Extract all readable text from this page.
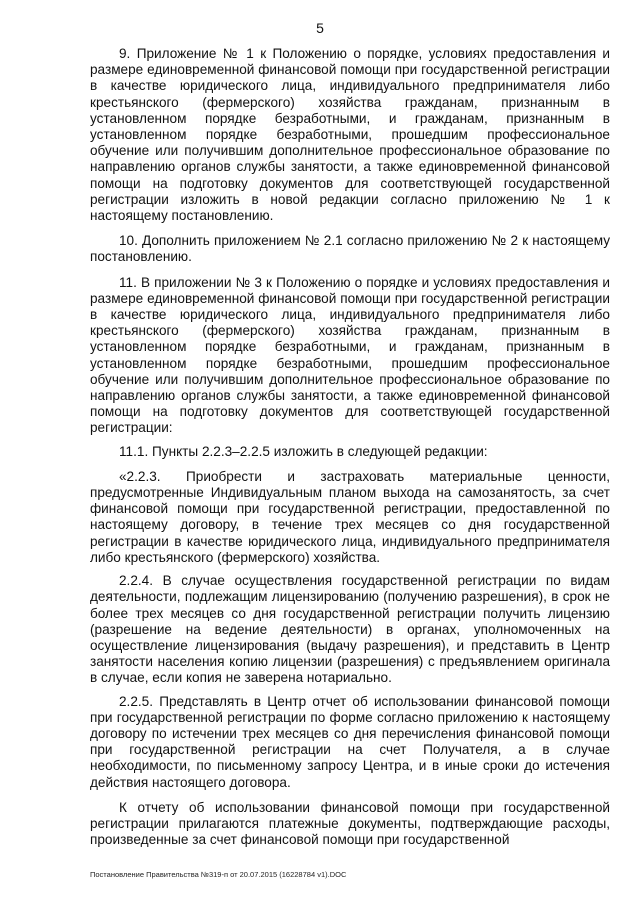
5

9. Приложение № 1 к Положению о порядке, условиях предоставления и размере единовременной финансовой помощи при государственной регистрации в качестве юридического лица, индивидуального предпринимателя либо крестьянского (фермерского) хозяйства гражданам, признанным в установленном порядке безработными, и гражданам, признанным в установленном порядке безработными, прошедшим профессиональное обучение или получившим дополнительное профессиональное образование по направлению органов службы занятости, а также единовременной финансовой помощи на подготовку документов для соответствующей государственной регистрации изложить в новой редакции согласно приложению № 1 к настоящему постановлению.

10. Дополнить приложением № 2.1 согласно приложению № 2 к настоящему постановлению.

11. В приложении № 3 к Положению о порядке и условиях предоставления и размере единовременной финансовой помощи при государственной регистрации в качестве юридического лица, индивидуального предпринимателя либо крестьянского (фермерского) хозяйства гражданам, признанным в установленном порядке безработными, и гражданам, признанным в установленном порядке безработными, прошедшим профессиональное обучение или получившим дополнительное профессиональное образование по направлению органов службы занятости, а также единовременной финансовой помощи на подготовку документов для соответствующей государственной регистрации:

11.1. Пункты 2.2.3–2.2.5 изложить в следующей редакции:

«2.2.3. Приобрести и застраховать материальные ценности, предусмотренные Индивидуальным планом выхода на самозанятость, за счет финансовой помощи при государственной регистрации, предоставленной по настоящему договору, в течение трех месяцев со дня государственной регистрации в качестве юридического лица, индивидуального предпринимателя либо крестьянского (фермерского) хозяйства.

2.2.4. В случае осуществления государственной регистрации по видам деятельности, подлежащим лицензированию (получению разрешения), в срок не более трех месяцев со дня государственной регистрации получить лицензию (разрешение на ведение деятельности) в органах, уполномоченных на осуществление лицензирования (выдачу разрешения), и представить в Центр занятости населения копию лицензии (разрешения) с предъявлением оригинала в случае, если копия не заверена нотариально.

2.2.5. Представлять в Центр отчет об использовании финансовой помощи при государственной регистрации по форме согласно приложению к настоящему договору по истечении трех месяцев со дня перечисления финансовой помощи при государственной регистрации на счет Получателя, а в случае необходимости, по письменному запросу Центра, и в иные сроки до истечения действия настоящего договора.

К отчету об использовании финансовой помощи при государственной регистрации прилагаются платежные документы, подтверждающие расходы, произведенные за счет финансовой помощи при государственной

Постановление Правительства №319-п от 20.07.2015 (16228784 v1).DOC
